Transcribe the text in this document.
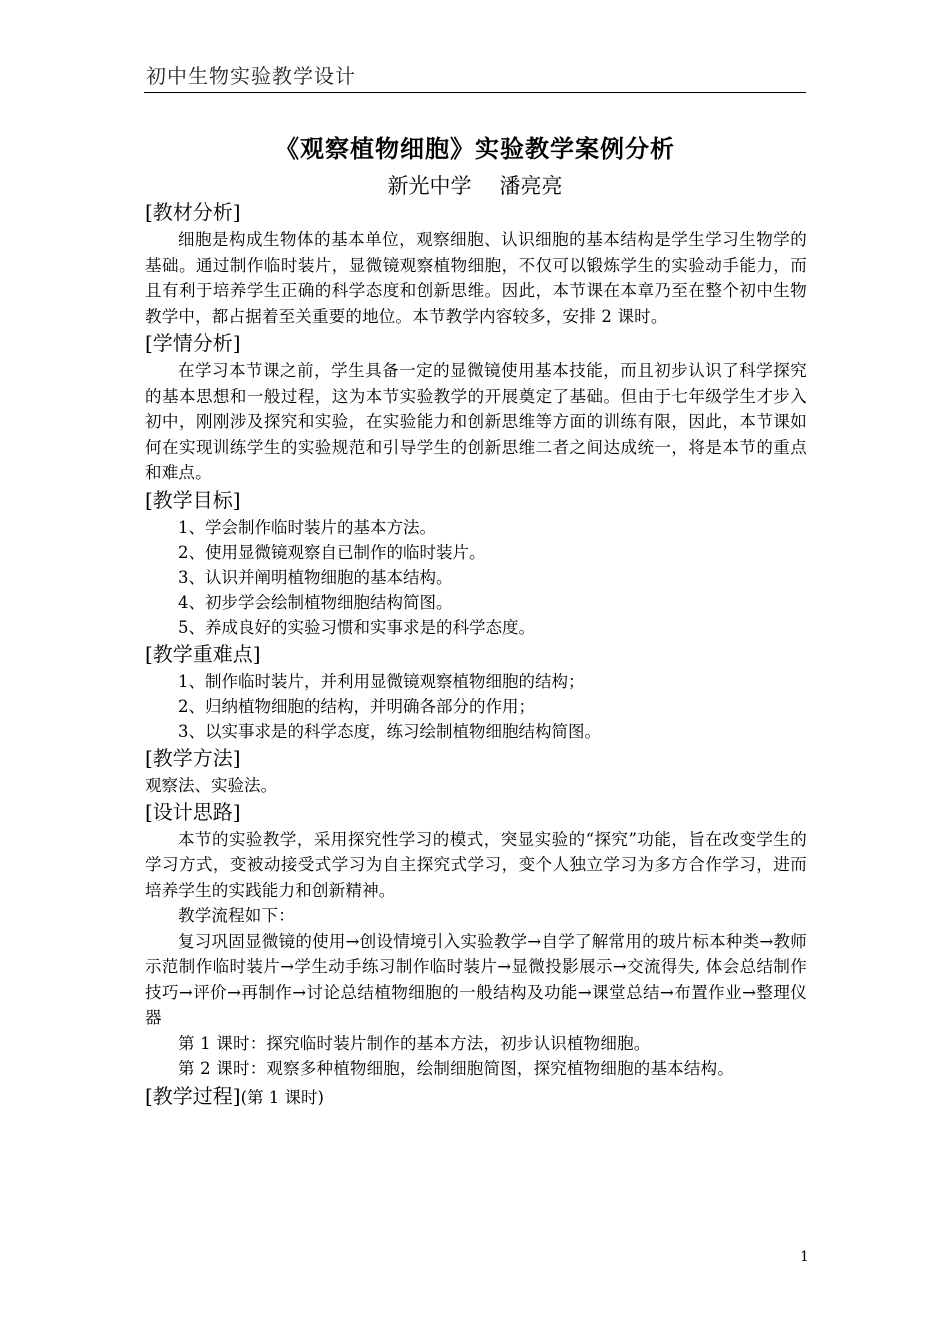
初中生物实验教学设计
《观察植物细胞》实验教学案例分析
新光中学 潘亮亮

[教材分析]

细胞是构成生物体的基本单位，观察细胞、认识细胞的基本结构是学生学习生物学的基础。通过制作临时装片，显微镜观察植物细胞，不仅可以锻炼学生的实验动手能力，而且有利于培养学生正确的科学态度和创新思维。因此，本节课在本章乃至在整个初中生物教学中，都占据着至关重要的地位。本节教学内容较多，安排 2 课时。

[学情分析]

在学习本节课之前，学生具备一定的显微镜使用基本技能，而且初步认识了科学探究的基本思想和一般过程，这为本节实验教学的开展奠定了基础。但由于七年级学生才步入初中，刚刚涉及探究和实验，在实验能力和创新思维等方面的训练有限，因此，本节课如何在实现训练学生的实验规范和引导学生的创新思维二者之间达成统一，将是本节的重点和难点。

[教学目标]

1、学会制作临时装片的基本方法。

2、使用显微镜观察自已制作的临时装片。

3、认识并阐明植物细胞的基本结构。

4、初步学会绘制植物细胞结构简图。

5、养成良好的实验习惯和实事求是的科学态度。

[教学重难点]

1、制作临时装片，并利用显微镜观察植物细胞的结构；

2、归纳植物细胞的结构，并明确各部分的作用；

3、以实事求是的科学态度，练习绘制植物细胞结构简图。

[教学方法]

观察法、实验法。

[设计思路]

本节的实验教学，采用探究性学习的模式，突显实验的“探究”功能，旨在改变学生的学习方式，变被动接受式学习为自主探究式学习，变个人独立学习为多方合作学习，进而培养学生的实践能力和创新精神。

教学流程如下：

复习巩固显微镜的使用→创设情境引入实验教学→自学了解常用的玻片标本种类→教师示范制作临时装片→学生动手练习制作临时装片→显微投影展示→交流得失, 体会总结制作技巧→评价→再制作→讨论总结植物细胞的一般结构及功能→课堂总结→布置作业→整理仪器

第 1 课时：探究临时装片制作的基本方法，初步认识植物细胞。

第 2 课时：观察多种植物细胞，绘制细胞简图，探究植物细胞的基本结构。

[教学过程](第 1 课时)

1
